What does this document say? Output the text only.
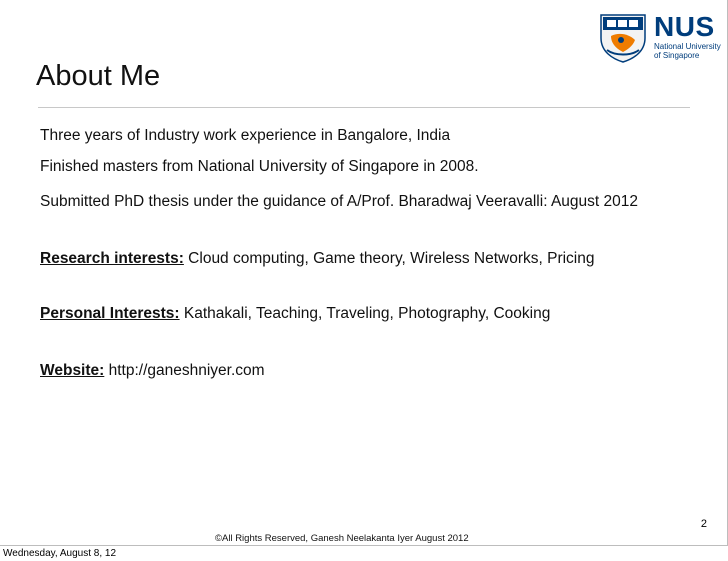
NUS
National University
of Singapore
About Me
Three years of Industry work experience in Bangalore, India
Finished masters from National University of Singapore in 2008.
Submitted PhD thesis under the guidance of A/Prof. Bharadwaj Veeravalli: August 2012
Research interests: Cloud computing, Game theory, Wireless Networks, Pricing
Personal Interests: Kathakali, Teaching, Traveling, Photography, Cooking
Website: http://ganeshniyer.com
2
©All Rights Reserved, Ganesh Neelakanta Iyer August 2012
Wednesday, August 8, 12
